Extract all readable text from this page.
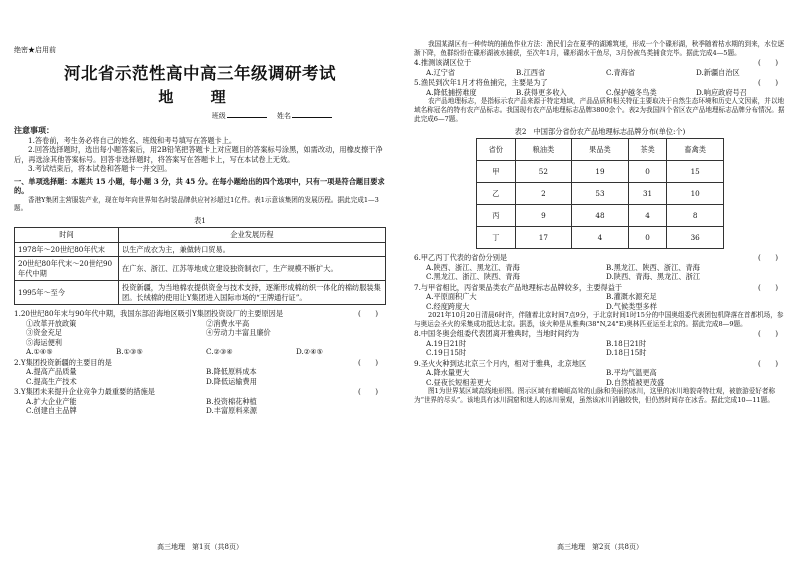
绝密★启用前
河北省示范性高中高三年级调研考试
地 理
班级	姓名
注意事项：
1.答卷前，考生务必将自己的姓名、班级和考号填写在答题卡上。
2.回答选择题时，选出每小题答案后，用2B铅笔把答题卡上对应题目的答案标号涂黑，如需改动，用橡皮擦干净后，再选涂其他答案标号。回答非选择题时，将答案写在答题卡上，写在本试卷上无效。
3.考试结束后，将本试卷和答题卡一并交回。
一、单项选择题：本题共 15 小题，每小题 3 分，共 45 分。在每小题给出的四个选项中，只有一项是符合题目要求的。
香港Y集团主营服装产业，现在每年向世界知名时装品牌供应衬衫超过1亿件。表1示意该集团的发展历程。据此完成1—3题。
表1
时间	企业发展历程
1978年～20世纪80年代末	以生产成衣为主，兼做转口贸易。
20世纪80年代末～20世纪90年代中期	在广东、浙江、江苏等地成立建设独资制衣厂，生产规模不断扩大。
1995年～至今	投资新疆，为当地棉农提供资金与技术支持，逐渐形成棉纺织一体化的棉纺服装集团。长绒棉的使用让Y集团进入国际市场的“王牌通行证”。
1.20世纪80年末与90年代中期，我国东部沿海地区吸引Y集团投资设厂的主要原因是	(　　)
①改革开放政策	②消费水平高
③资金充足	④劳动力丰富且廉价
⑤海运便利
A.①④⑤	B.①③⑤	C.②③④	D.②④⑤
2.Y集团投资新疆的主要目的是	(　　)
A.提高产品质量	B.降低原料成本
C.提高生产技术	D.降低运输费用
3.Y集团未来提升企业竞争力最重要的措施是	(　　)
A.扩大企业产能	B.投资棉花种植
C.创建自主品牌	D.丰富原料来源
高三地理　第1页（共8页）
我国某湖区有一种传统的捕鱼作业方法：渔民们会在夏季的湖滩筑埂，形成一个个碟形湖，秋季随着枯水期的到来，水位逐渐下降，鱼群纷纷在碟形湖被水捕获，至次年1月，碟形湖水干鱼尽，3月份被鸟类捕食完毕。据此完成4—5题。
4.推测该湖区位于	(　　)
A.辽宁省	B.江西省	C.青海省	D.新疆自治区
5.渔民到次年1月才将鱼捕完，主要是为了	(　　)
A.降低捕捞难度	B.获得更多收入	C.保护越冬鸟类	D.响应政府号召
农产品地理标志，是指标示农产品来源于特定地域，产品品质和相关特征主要取决于自然生态环境和历史人文因素，并以地域名称冠名的特有农产品标志。我国现有农产品地理标志品牌3800余个。表2为我国四个省区农产品地理标志品牌分布情况。据此完成6—7题。
表2　中国部分省份农产品地理标志品牌分布(单位:个)
省份	粮油类	果品类	茶类	畜禽类
甲	52	19	0	15
乙	2	53	31	10
丙	9	48	4	8
丁	17	4	0	36
6.甲乙丙丁代表的省份分别是	(　　)
A.陕西、浙江、黑龙江、青海	B.黑龙江、陕西、浙江、青海
C.黑龙江、浙江、陕西、青海	D.陕西、青海、黑龙江、浙江
7.与甲省相比，丙省果品类农产品地理标志品牌较多，主要得益于	(　　)
A.平原面积广大	B.灌溉水源充足
C.经度跨度大	D.气候类型多样
2021年10月20日清晨6时许，伴随着北京时间7点9分，于北京时间1时15分的中国奥组委代表团包机降落在首都机场，参与奥运会圣火的采集成功抵达北京。据悉，该火种是从雅典(38°N,24°E)奥林匹亚运至北京的。据此完成8—9题。
8.中国冬奥会组委代表团离开雅典时，当地时间约为	(　　)
A.19日21时	B.18日21时
C.19日15时	D.18日15时
9.圣火火种到达北京三个月内，相对于雅典，北京地区	(　　)
A.降水量更大	B.平均气温更高
C.昼夜长短相差更大	D.自然植被更茂盛
图1为世界某区域高线地形图。图示区域有着崎岖高耸的山脉和美丽的冰川，这里的冰川地貌奇特壮观，被旅游爱好者称为“世界的尽头”。该地具有冰川洞窟和迷人的冰川景观，虽然该冰川消融较快，但仍然时间存在冰舌。据此完成10—11题。
高三地理　第2页（共8页）
